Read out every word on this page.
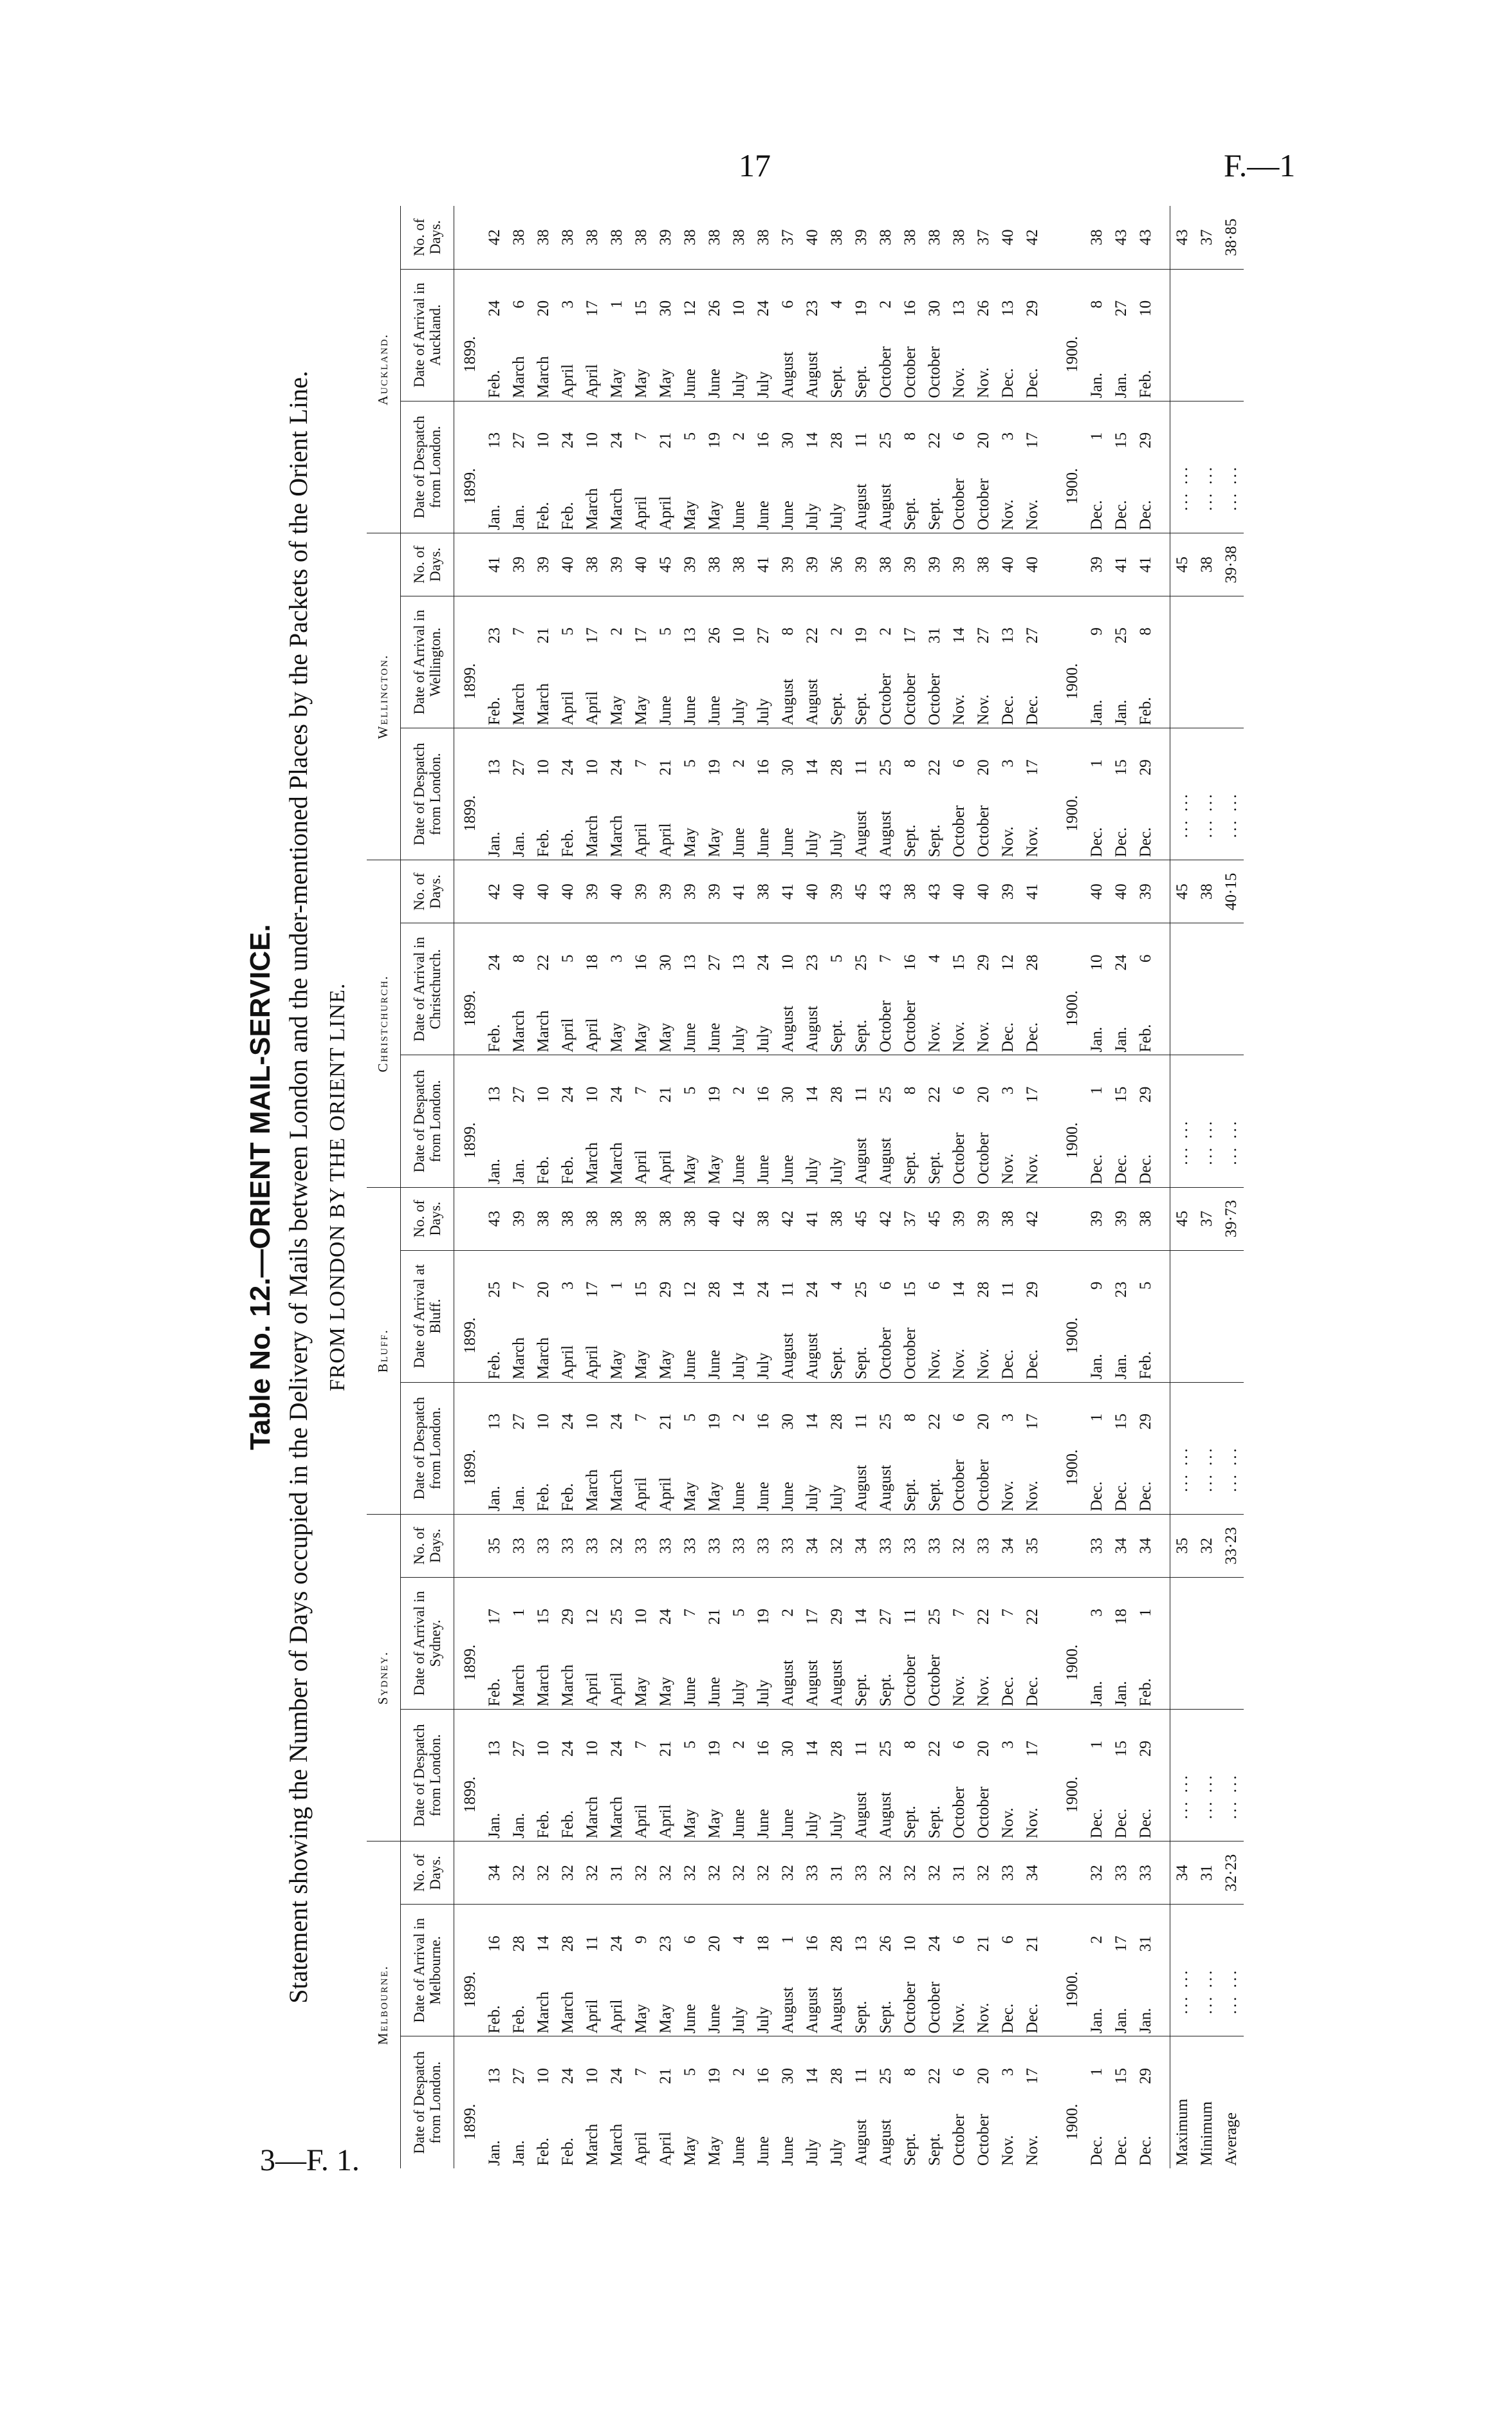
17	F.—1
3—F. 1.
Table No. 12.—ORIENT MAIL-SERVICE. Statement showing the Number of Days occupied in the Delivery of Mails between London and the under-mentioned Places by the Packets of the Orient Line. FROM LONDON BY THE ORIENT LINE.
Melbourne.			Sydney.			Bluff.			Christchurch.			Wellington.			Auckland.		
Date of Despatch from London.	Date of Arrival in Melbourne.	No. of Days.	Date of Despatch from London.	Date of Arrival in Sydney.	No. of Days.	Date of Despatch from London.	Date of Arrival at Bluff.	No. of Days.	Date of Despatch from London.	Date of Arrival in Christchurch.	No. of Days.	Date of Despatch from London.	Date of Arrival in Wellington.	No. of Days.	Date of Despatch from London.	Date of Arrival in Auckland.	No. of Days.
1899.	1899.		1899.	1899.		1899.	1899.		1899.	1899.		1899.	1899.		1899.	1899.	
Jan.13	Feb.16	34	Jan.13	Feb.17	35	Jan.13	Feb.25	43	Jan.13	Feb.24	42	Jan.13	Feb.23	41	Jan.13	Feb.24	42
Jan.27	Feb.28	32	Jan.27	March1	33	Jan.27	March7	39	Jan.27	March8	40	Jan.27	March7	39	Jan.27	March6	38
Feb.10	March14	32	Feb.10	March15	33	Feb.10	March20	38	Feb.10	March22	40	Feb.10	March21	39	Feb.10	March20	38
Feb.24	March28	32	Feb.24	March29	33	Feb.24	April3	38	Feb.24	April5	40	Feb.24	April5	40	Feb.24	April3	38
March10	April11	32	March10	April12	33	March10	April17	38	March10	April18	39	March10	April17	38	March10	April17	38
March24	April24	31	March24	April25	32	March24	May1	38	March24	May3	40	March24	May2	39	March24	May1	38
April7	May9	32	April7	May10	33	April7	May15	38	April7	May16	39	April7	May17	40	April7	May15	38
April21	May23	32	April21	May24	33	April21	May29	38	April21	May30	39	April21	June5	45	April21	May30	39
May5	June6	32	May5	June7	33	May5	June12	38	May5	June13	39	May5	June13	39	May5	June12	38
May19	June20	32	May19	June21	33	May19	June28	40	May19	June27	39	May19	June26	38	May19	June26	38
June2	July4	32	June2	July5	33	June2	July14	42	June2	July13	41	June2	July10	38	June2	July10	38
June16	July18	32	June16	July19	33	June16	July24	38	June16	July24	38	June16	July27	41	June16	July24	38
June30	August1	32	June30	August2	33	June30	August11	42	June30	August10	41	June30	August8	39	June30	August6	37
July14	August16	33	July14	August17	34	July14	August24	41	July14	August23	40	July14	August22	39	July14	August23	40
July28	August28	31	July28	August29	32	July28	Sept.4	38	July28	Sept.5	39	July28	Sept.2	36	July28	Sept.4	38
August11	Sept.13	33	August11	Sept.14	34	August11	Sept.25	45	August11	Sept.25	45	August11	Sept.19	39	August11	Sept.19	39
August25	Sept.26	32	August25	Sept.27	33	August25	October6	42	August25	October7	43	August25	October2	38	August25	October2	38
Sept.8	October10	32	Sept.8	October11	33	Sept.8	October15	37	Sept.8	October16	38	Sept.8	October17	39	Sept.8	October16	38
Sept.22	October24	32	Sept.22	October25	33	Sept.22	Nov.6	45	Sept.22	Nov.4	43	Sept.22	October31	39	Sept.22	October30	38
October6	Nov.6	31	October6	Nov.7	32	October6	Nov.14	39	October6	Nov.15	40	October6	Nov.14	39	October6	Nov.13	38
October20	Nov.21	32	October20	Nov.22	33	October20	Nov.28	39	October20	Nov.29	40	October20	Nov.27	38	October20	Nov.26	37
Nov.3	Dec.6	33	Nov.3	Dec.7	34	Nov.3	Dec.11	38	Nov.3	Dec.12	39	Nov.3	Dec.13	40	Nov.3	Dec.13	40
Nov.17	Dec.21	34	Nov.17	Dec.22	35	Nov.17	Dec.29	42	Nov.17	Dec.28	41	Nov.17	Dec.27	40	Nov.17	Dec.29	42

1900.	1900.		1900.	1900.		1900.	1900.		1900.	1900.		1900.	1900.		1900.	1900.	
Dec.1	Jan.2	32	Dec.1	Jan.3	33	Dec.1	Jan.9	39	Dec.1	Jan.10	40	Dec.1	Jan.9	39	Dec.1	Jan.8	38
Dec.15	Jan.17	33	Dec.15	Jan.18	34	Dec.15	Jan.23	39	Dec.15	Jan.24	40	Dec.15	Jan.25	41	Dec.15	Jan.27	43
Dec.29	Jan.31	33	Dec.29	Feb.1	34	Dec.29	Feb.5	38	Dec.29	Feb.6	39	Dec.29	Feb.8	41	Dec.29	Feb.10	43

Maximum	... ...	34	... ...		35	... ...		45	... ...		45	... ...		45	... ...		43
Minimum	... ...	31	... ...		32	... ...		37	... ...		38	... ...		38	... ...		37
Average	... ...	32·23	... ...		33·23	... ...		39·73	... ...		40·15	... ...		39·38	... ...		38·85
